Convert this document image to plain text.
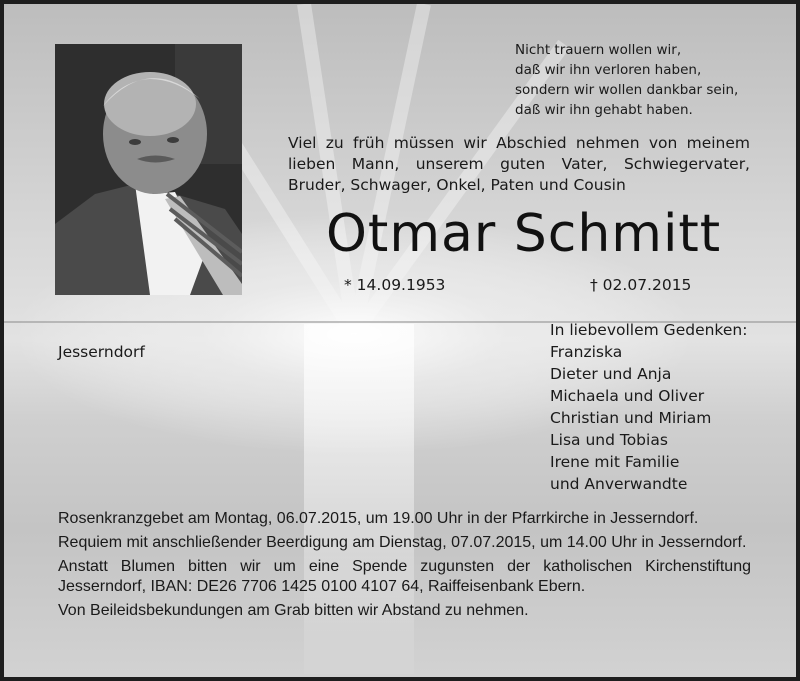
Nicht trauern wollen wir,
daß wir ihn verloren haben,
sondern wir wollen dankbar sein,
daß wir ihn gehabt haben.
Viel zu früh müssen wir Abschied nehmen von meinem lieben Mann, unserem guten Vater, Schwiegervater, Bruder, Schwager, Onkel, Paten und Cousin
Otmar Schmitt
* 14.09.1953	† 02.07.2015
Jesserndorf
In liebevollem Gedenken:
Franziska
Dieter und Anja
Michaela und Oliver
Christian und Miriam
Lisa und Tobias
Irene mit Familie
und Anverwandte

Rosenkranzgebet am Montag, 06.07.2015, um 19.00 Uhr in der Pfarrkirche in Jesserndorf.

Requiem mit anschließender Beerdigung am Dienstag, 07.07.2015, um 14.00 Uhr in Jesserndorf.

Anstatt Blumen bitten wir um eine Spende zugunsten der katholischen Kirchenstiftung Jesserndorf, IBAN: DE26 7706 1425 0100 4107 64, Raiffeisenbank Ebern.

Von Beileidsbekundungen am Grab bitten wir Abstand zu nehmen.
